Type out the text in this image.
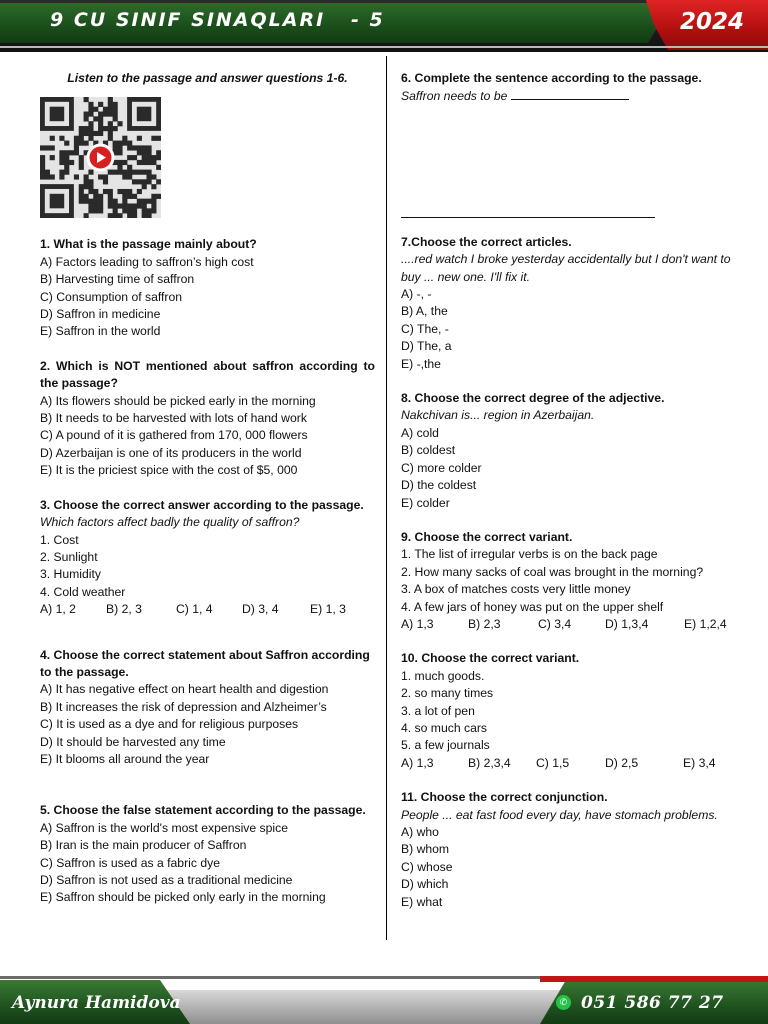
9 CU SINIF SINAQLARI   - 5	2024
Listen to the passage and answer questions 1-6.

1. What is the passage mainly about?

A) Factors leading to saffron’s high cost

B) Harvesting time of saffron

C) Consumption of saffron

D) Saffron in medicine

E) Saffron in the world

2. Which is NOT mentioned about saffron according to the passage?

A) Its flowers should be picked early in the morning

B) It needs to be harvested with lots of hand work

C) A pound of it is gathered from 170, 000 flowers

D) Azerbaijan is one of its producers in the world

E) It is the priciest spice with the cost of $5, 000

3. Choose the correct answer according to the passage.

Which factors affect badly the quality of saffron?

1. Cost

2. Sunlight

3. Humidity

4. Cold weather

A) 1, 2	B) 2, 3	C) 1, 4	D) 3, 4	E) 1, 3

4. Choose the correct statement about Saffron according to the passage.

A) It has negative effect on heart health and digestion

B) It increases the risk of depression and Alzheimer’s

C) It is used as a dye and for religious purposes

D) It should be harvested any time

E) It blooms all around the year

5. Choose the false statement according to the passage.

A) Saffron is the world's most expensive spice

B) Iran is the main producer of Saffron

C) Saffron is used as a fabric dye

D) Saffron is not used as a traditional medicine

E) Saffron should be picked only early in the morning

6. Complete the sentence according to the passage.

Saffron needs to be

7.Choose the correct articles.

....red watch I broke yesterday accidentally but I don't want to buy ... new one. I'll fix it.

A) -, -

B) A, the

C) The, -

D) The, a

E) -,the

8. Choose the correct degree of the adjective.

Nakchivan is... region in Azerbaijan.

A) cold

B) coldest

C) more colder

D) the coldest

E) colder

9. Choose the correct variant.

1. The list of irregular verbs is on the back page

2. How many sacks of coal was brought in the morning?

3. A box of matches costs very little money

4. A few jars of honey was put on the upper shelf

A) 1,3	B) 2,3	C) 3,4	D) 1,3,4	E) 1,2,4

10. Choose the correct variant.

1. much goods.

2. so many times

3. a lot of pen

4. so much cars

5. a few journals

A) 1,3	B) 2,3,4	C) 1,5	D) 2,5	E) 3,4

11. Choose the correct conjunction.

People ... eat fast food every day, have stomach problems.

A) who

B) whom

C) whose

D) which

E) what

Aynura Hamidova	✆ 051 586 77 27
